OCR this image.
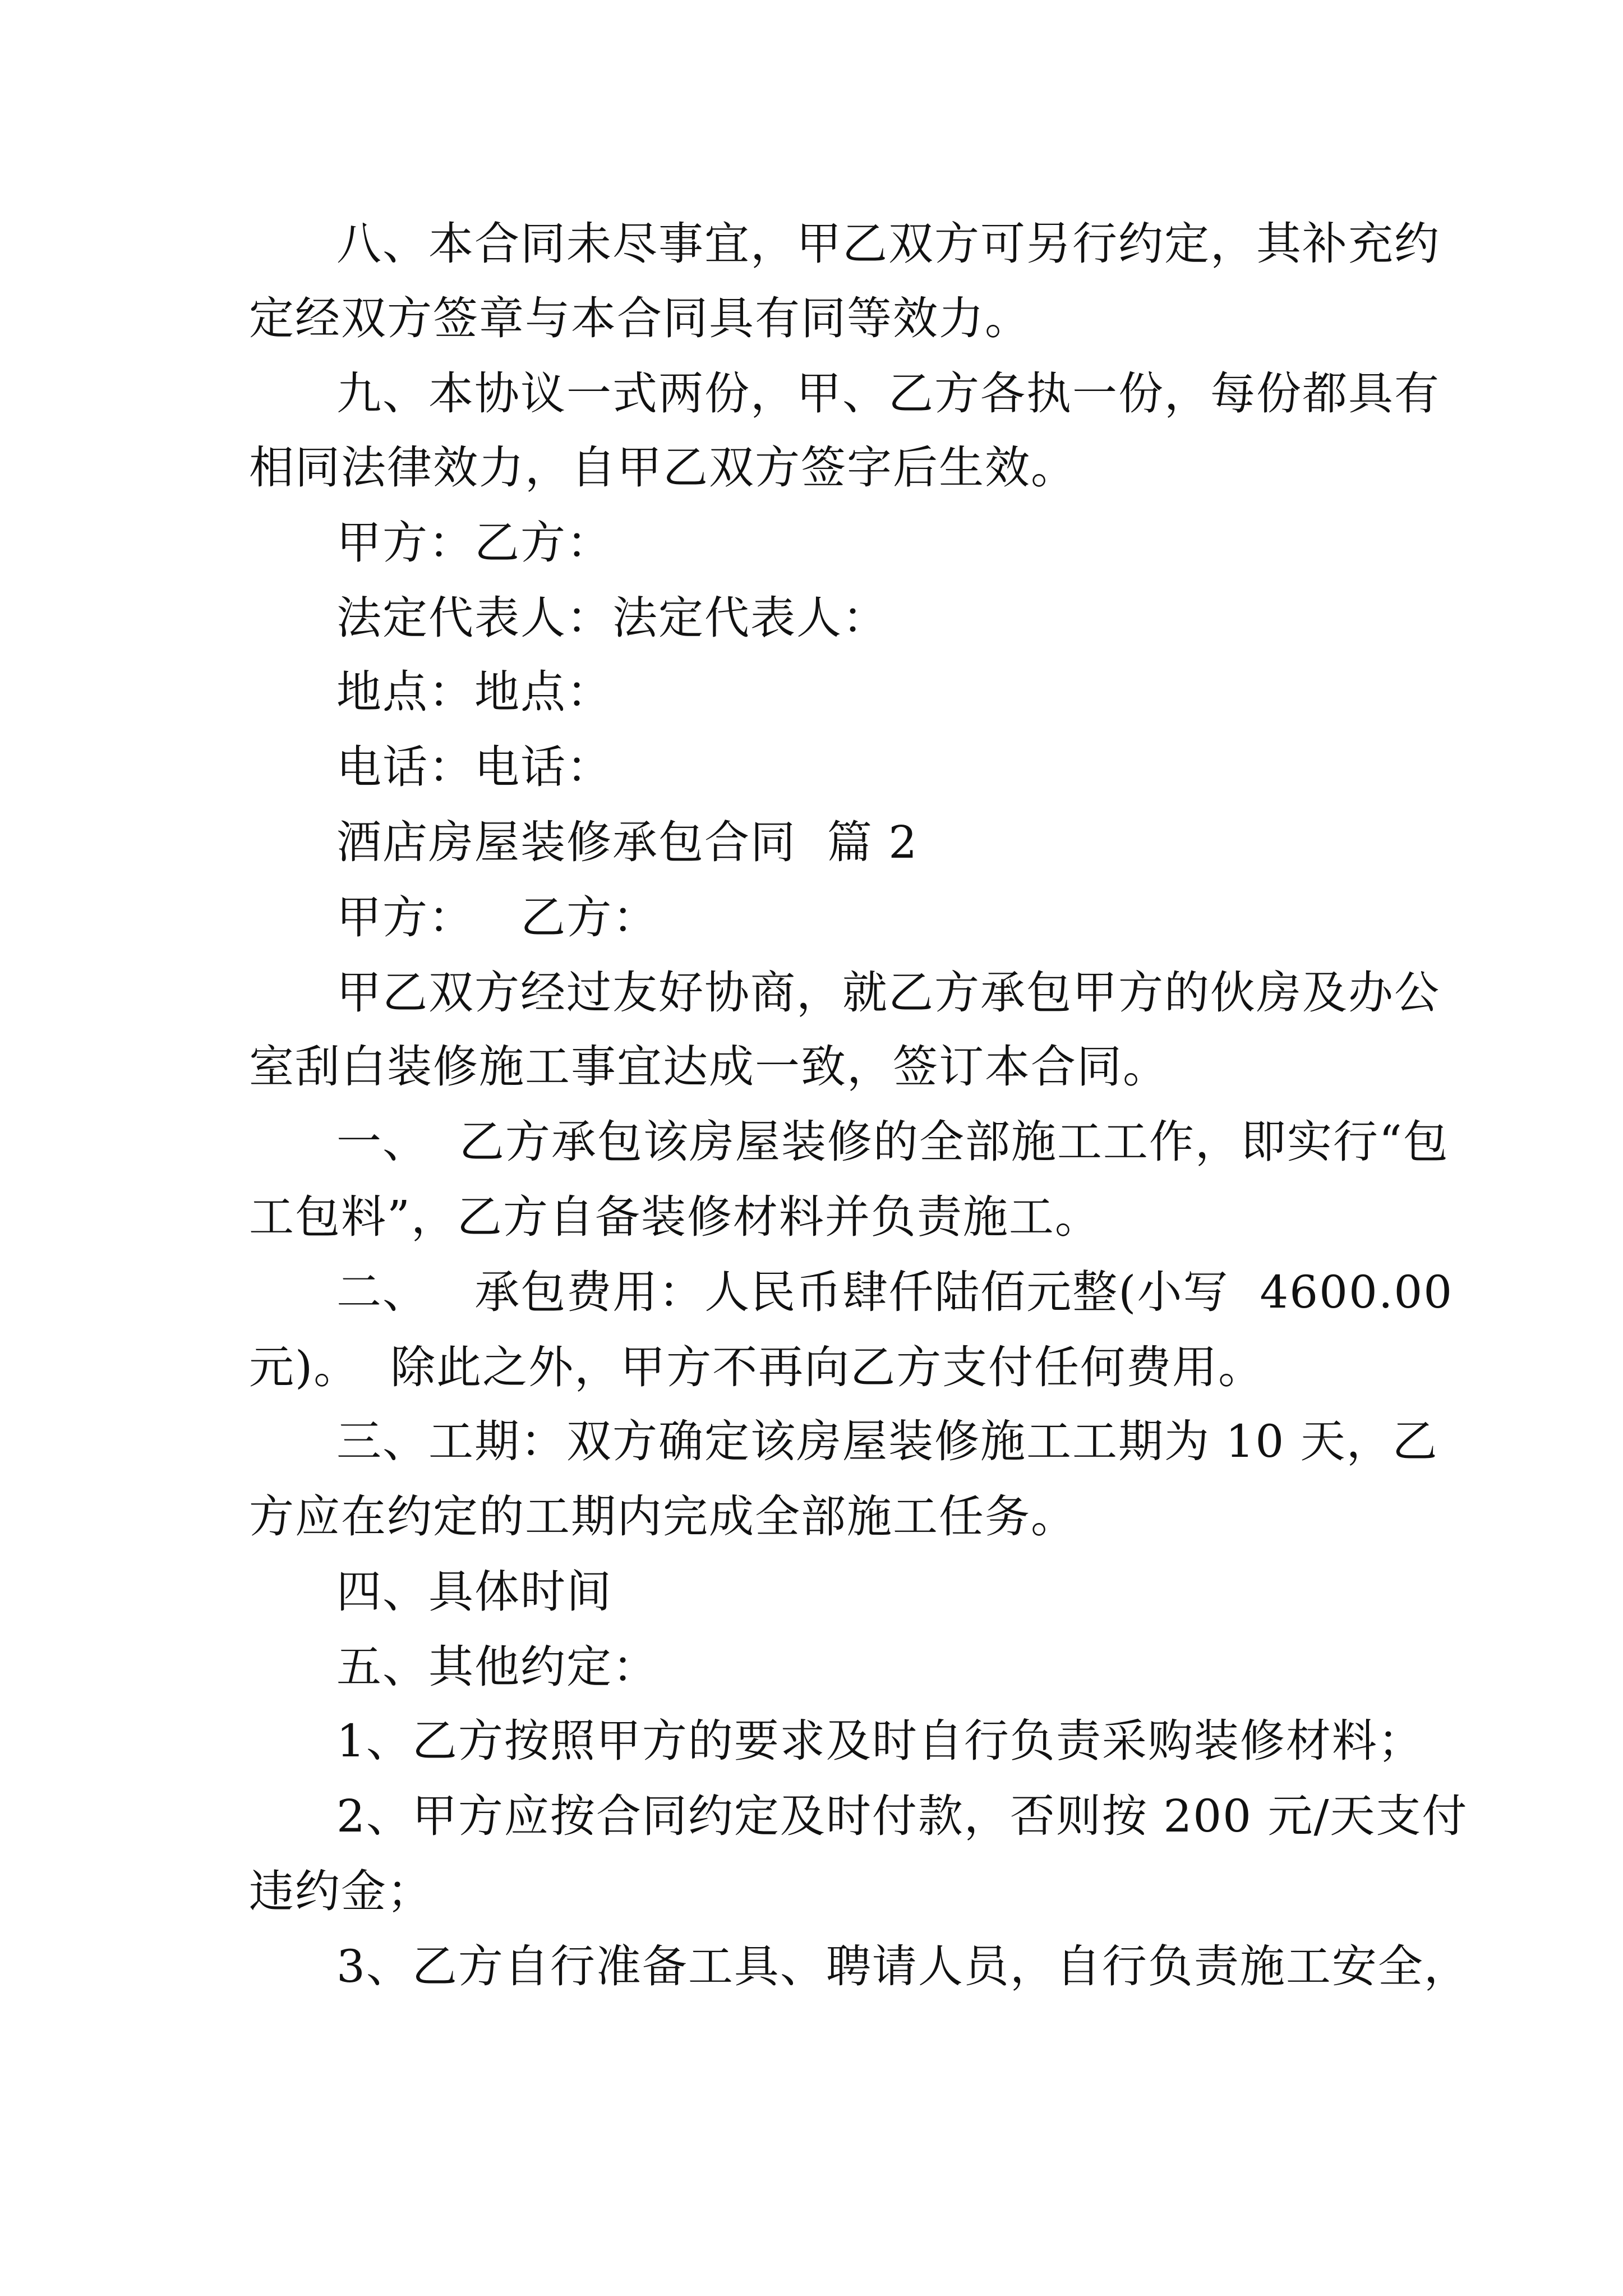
八、本合同未尽事宜，甲乙双方可另行约定，其补充约

定经双方签章与本合同具有同等效力。

九、本协议一式两份，甲、乙方各执一份，每份都具有

相同法律效力，自甲乙双方签字后生效。

甲方：乙方：

法定代表人：法定代表人：

地点：地点：

电话：电话：

酒店房屋装修承包合同  篇 2

甲方：   乙方：

甲乙双方经过友好协商，就乙方承包甲方的伙房及办公

室刮白装修施工事宜达成一致，签订本合同。

一、  乙方承包该房屋装修的全部施工工作，即实行“包

工包料”，乙方自备装修材料并负责施工。

二、   承包费用：人民币肆仟陆佰元整(小写  4600.00

元)。  除此之外，甲方不再向乙方支付任何费用。

三、工期：双方确定该房屋装修施工工期为 10 天，乙

方应在约定的工期内完成全部施工任务。

四、具体时间

五、其他约定：

1、乙方按照甲方的要求及时自行负责采购装修材料；

2、甲方应按合同约定及时付款，否则按 200 元/天支付

违约金；

3、乙方自行准备工具、聘请人员，自行负责施工安全，
